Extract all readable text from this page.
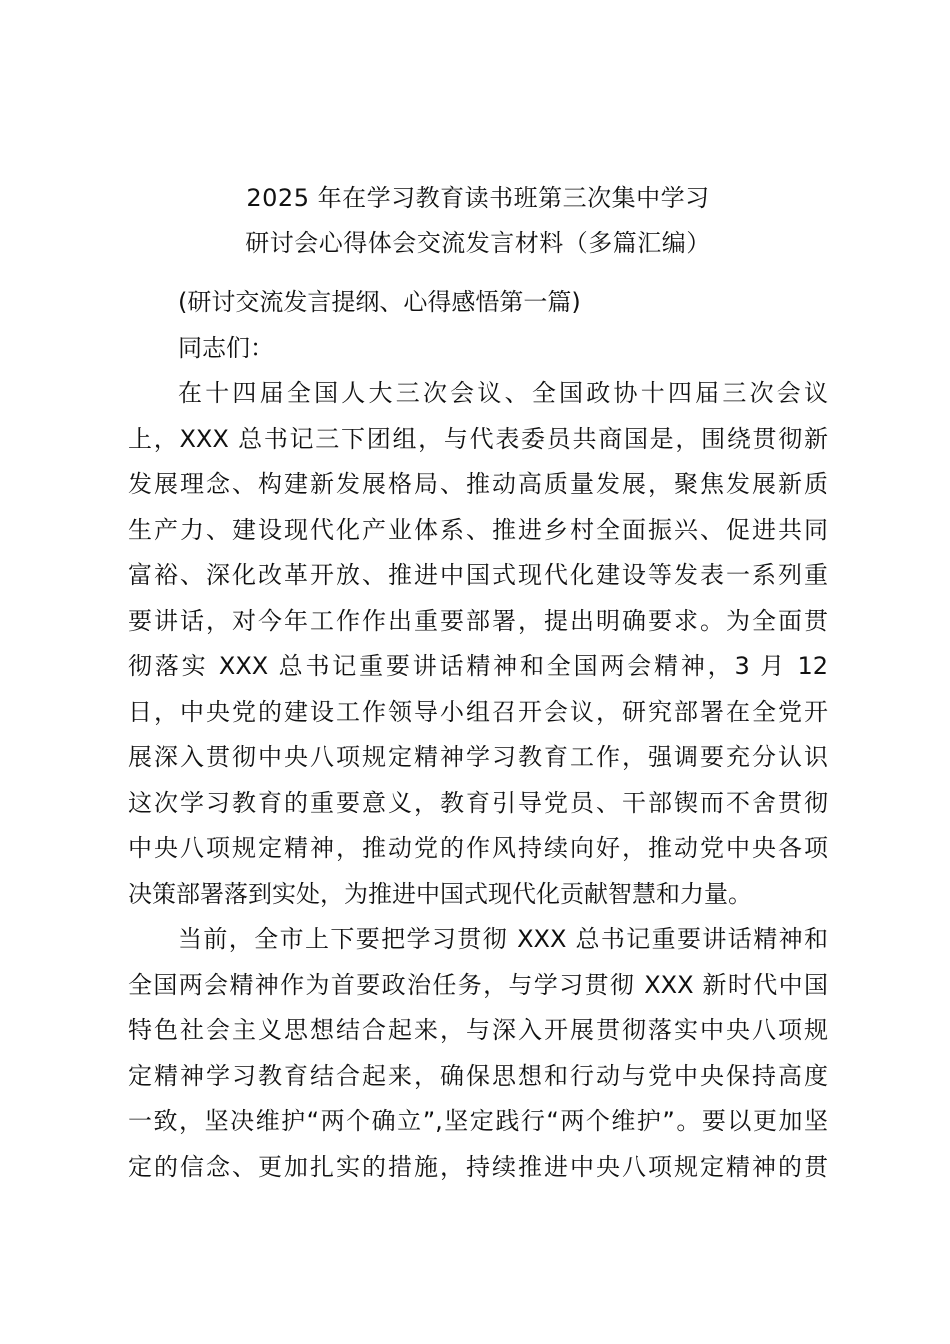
2025 年在学习教育读书班第三次集中学习
研讨会心得体会交流发言材料（多篇汇编）
(研讨交流发言提纲、心得感悟第一篇)
同志们：
在十四届全国人大三次会议、全国政协十四届三次会议
上，XXX 总书记三下团组，与代表委员共商国是，围绕贯彻新
发展理念、构建新发展格局、推动高质量发展，聚焦发展新质
生产力、建设现代化产业体系、推进乡村全面振兴、促进共同
富裕、深化改革开放、推进中国式现代化建设等发表一系列重
要讲话，对今年工作作出重要部署，提出明确要求。为全面贯
彻落实 XXX 总书记重要讲话精神和全国两会精神，3 月 12
日，中央党的建设工作领导小组召开会议，研究部署在全党开
展深入贯彻中央八项规定精神学习教育工作，强调要充分认识
这次学习教育的重要意义，教育引导党员、干部锲而不舍贯彻
中央八项规定精神，推动党的作风持续向好，推动党中央各项
决策部署落到实处，为推进中国式现代化贡献智慧和力量。
当前，全市上下要把学习贯彻 XXX 总书记重要讲话精神和
全国两会精神作为首要政治任务，与学习贯彻 XXX 新时代中国
特色社会主义思想结合起来，与深入开展贯彻落实中央八项规
定精神学习教育结合起来，确保思想和行动与党中央保持高度
一致，坚决维护“两个确立”,坚定践行“两个维护”。要以更加坚
定的信念、更加扎实的措施，持续推进中央八项规定精神的贯
